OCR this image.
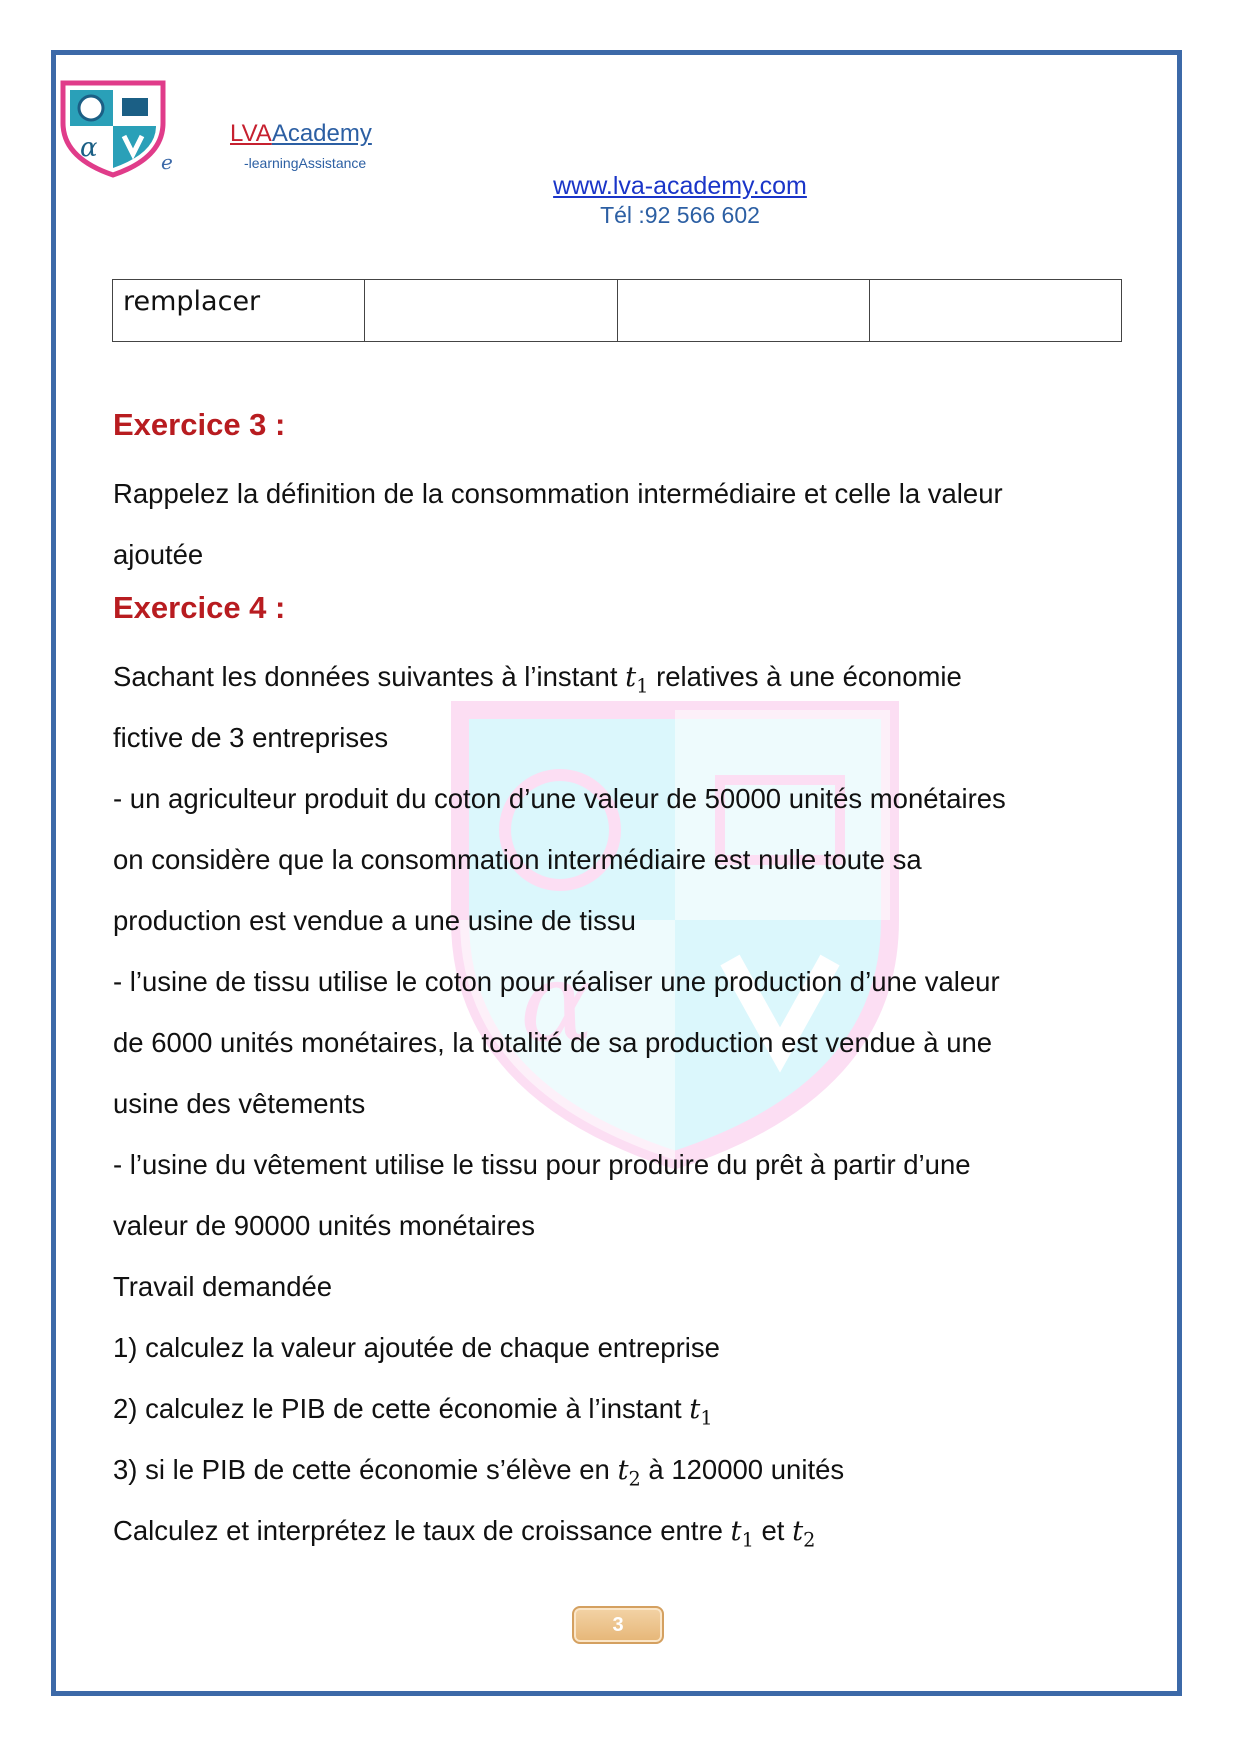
α
α	e
LVAAcademy
-learningAssistance
www.lva-academy.com
Tél :92 566 602
remplacer			
Exercice 3 :
Rappelez la définition de la consommation intermédiaire et celle la valeur
ajoutée
Exercice 4 :
Sachant les données suivantes à l’instant $t_1$ relatives à une économie
fictive de 3 entreprises
- un agriculteur produit du coton d’une valeur de 50000 unités monétaires
on considère que la consommation intermédiaire est nulle toute sa
production est vendue a une usine de tissu
- l’usine de tissu utilise le coton pour réaliser une production d’une valeur
de 6000 unités monétaires, la totalité de sa production est vendue à une
usine des vêtements
- l’usine du vêtement utilise le tissu pour produire du prêt à partir d’une
valeur de 90000 unités monétaires
Travail demandée
1) calculez la valeur ajoutée de chaque entreprise
2) calculez le PIB de cette économie à l’instant $t_1$
3) si le PIB de cette économie s’élève en $t_2$ à 120000 unités
Calculez et interprétez le taux de croissance entre $t_1$ et $t_2$
3
